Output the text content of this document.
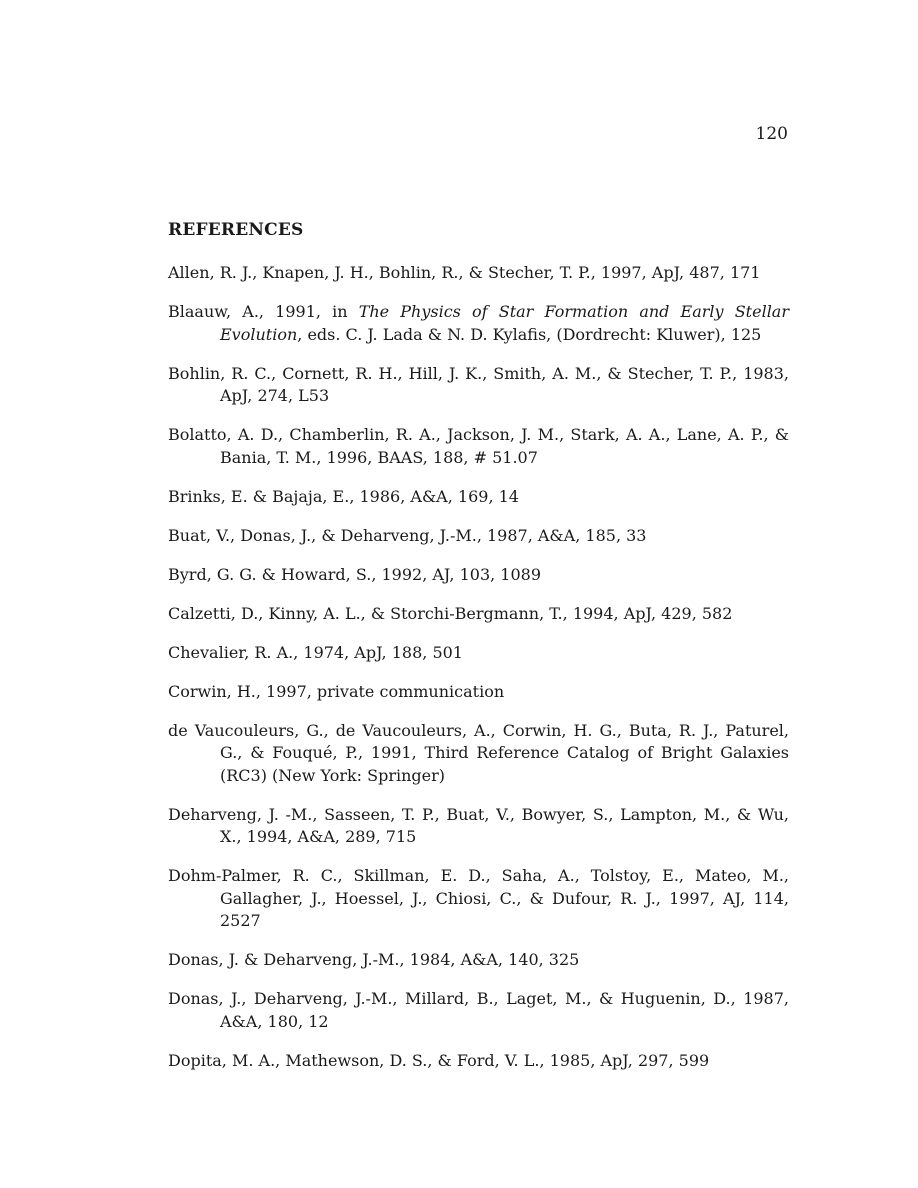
120
REFERENCES
Allen, R. J., Knapen, J. H., Bohlin, R., & Stecher, T. P., 1997, ApJ, 487, 171
Blaauw, A., 1991, in The Physics of Star Formation and Early Stellar Evolution, eds. C. J. Lada & N. D. Kylafis, (Dordrecht: Kluwer), 125
Bohlin, R. C., Cornett, R. H., Hill, J. K., Smith, A. M., & Stecher, T. P., 1983, ApJ, 274, L53
Bolatto, A. D., Chamberlin, R. A., Jackson, J. M., Stark, A. A., Lane, A. P., & Bania, T. M., 1996, BAAS, 188, # 51.07
Brinks, E. & Bajaja, E., 1986, A&A, 169, 14
Buat, V., Donas, J., & Deharveng, J.-M., 1987, A&A, 185, 33
Byrd, G. G. & Howard, S., 1992, AJ, 103, 1089
Calzetti, D., Kinny, A. L., & Storchi-Bergmann, T., 1994, ApJ, 429, 582
Chevalier, R. A., 1974, ApJ, 188, 501
Corwin, H., 1997, private communication
de Vaucouleurs, G., de Vaucouleurs, A., Corwin, H. G., Buta, R. J., Paturel, G., & Fouqué, P., 1991, Third Reference Catalog of Bright Galaxies (RC3) (New York: Springer)
Deharveng, J. -M., Sasseen, T. P., Buat, V., Bowyer, S., Lampton, M., & Wu, X., 1994, A&A, 289, 715
Dohm-Palmer, R. C., Skillman, E. D., Saha, A., Tolstoy, E., Mateo, M., Gallagher, J., Hoessel, J., Chiosi, C., & Dufour, R. J., 1997, AJ, 114, 2527
Donas, J. & Deharveng, J.-M., 1984, A&A, 140, 325
Donas, J., Deharveng, J.-M., Millard, B., Laget, M., & Huguenin, D., 1987, A&A, 180, 12
Dopita, M. A., Mathewson, D. S., & Ford, V. L., 1985, ApJ, 297, 599
